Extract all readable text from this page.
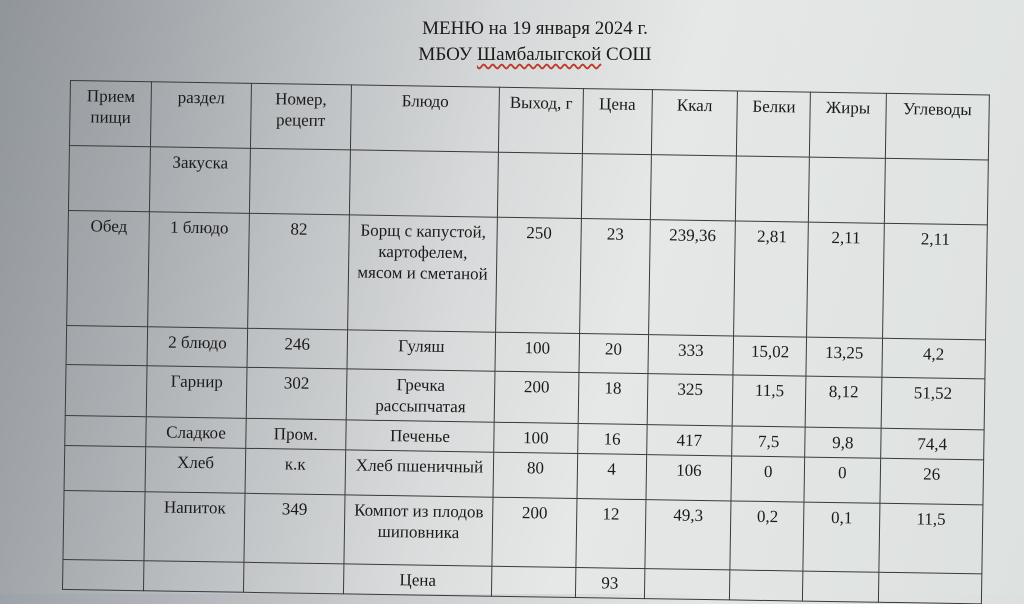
МЕНЮ на 19 января 2024 г.
МБОУ Шамбалыгской СОШ
Прием пищи	раздел	Номер, рецепт	Блюдо	Выход, г	Цена	Ккал	Белки	Жиры	Углеводы
	Закуска								
Обед	1 блюдо	82	Борщ с капустой, картофелем, мясом и сметаной	250	23	239,36	2,81	2,11	2,11
	2 блюдо	246	Гуляш	100	20	333	15,02	13,25	4,2
	Гарнир	302	Гречка рассыпчатая	200	18	325	11,5	8,12	51,52
	Сладкое	Пром.	Печенье	100	16	417	7,5	9,8	74,4
	Хлеб	к.к	Хлеб пшеничный	80	4	106	0	0	26
	Напиток	349	Компот из плодов шиповника	200	12	49,3	0,2	0,1	11,5
			Цена		93				
